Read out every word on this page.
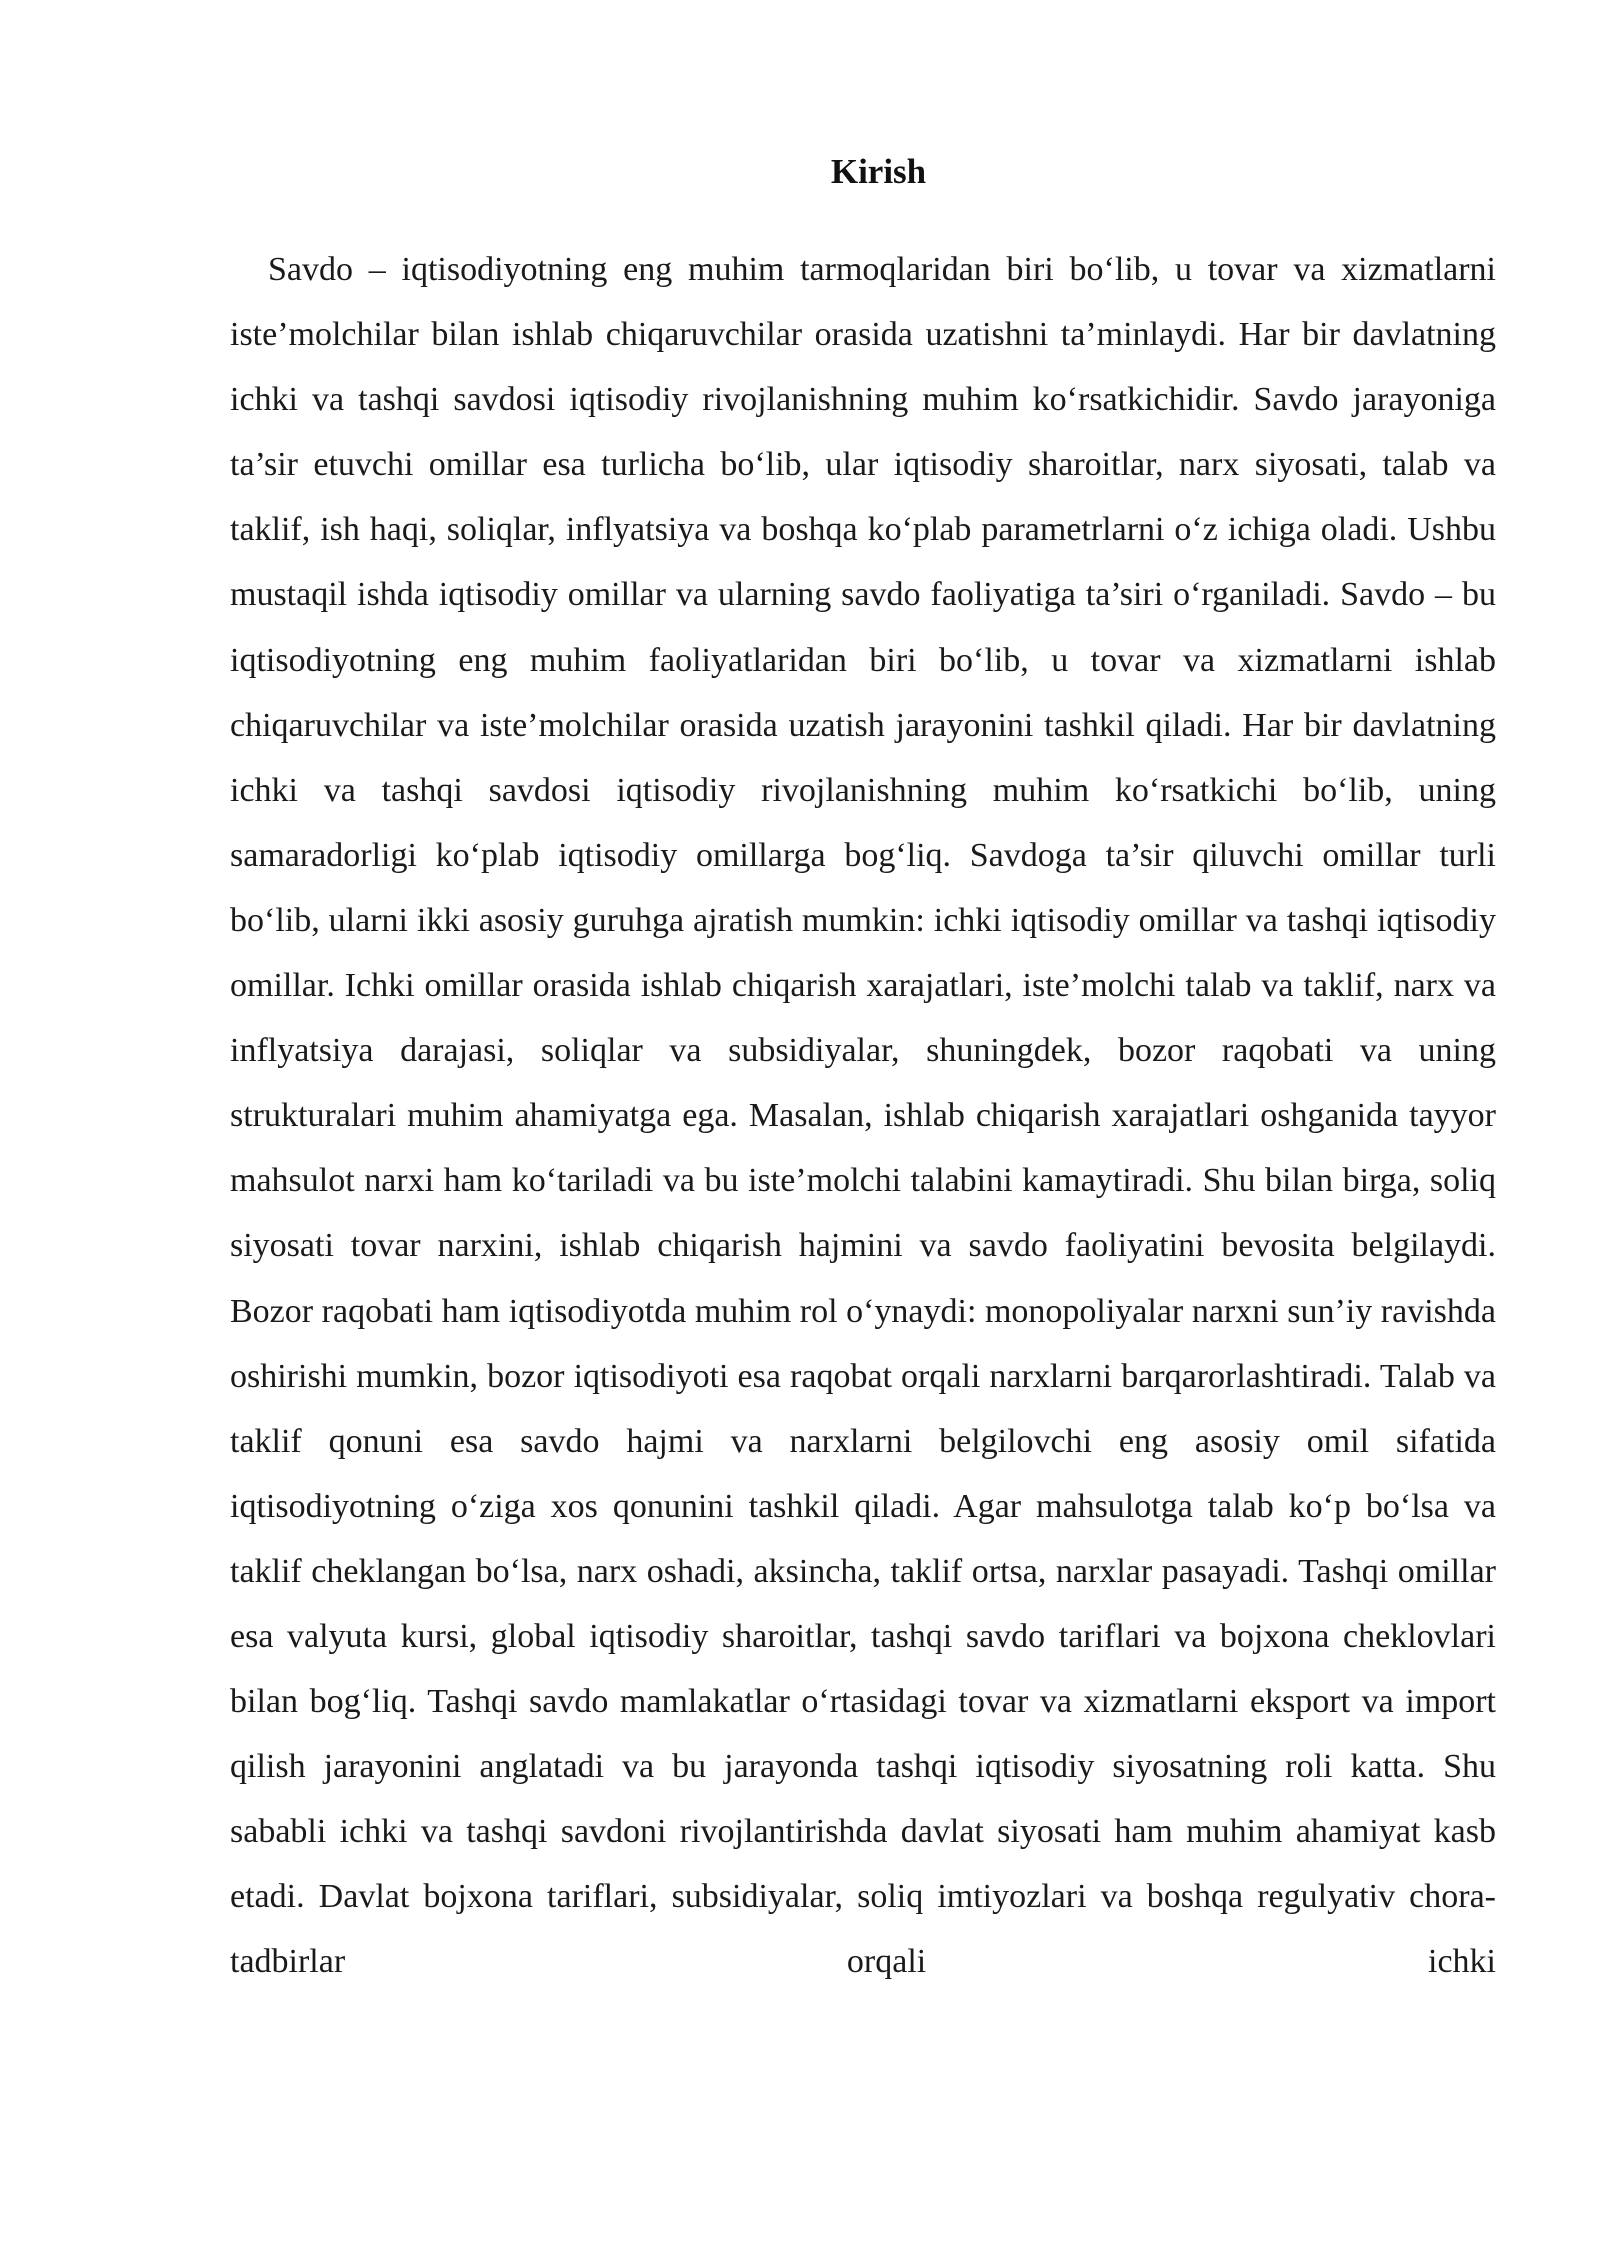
Kirish

Savdo – iqtisodiyotning eng muhim tarmoqlaridan biri bo‘lib, u tovar va xizmatlarni iste’molchilar bilan ishlab chiqaruvchilar orasida uzatishni ta’minlaydi. Har bir davlatning ichki va tashqi savdosi iqtisodiy rivojlanishning muhim ko‘rsatkichidir. Savdo jarayoniga ta’sir etuvchi omillar esa turlicha bo‘lib, ular iqtisodiy sharoitlar, narx siyosati, talab va taklif, ish haqi, soliqlar, inflyatsiya va boshqa ko‘plab parametrlarni o‘z ichiga oladi. Ushbu mustaqil ishda iqtisodiy omillar va ularning savdo faoliyatiga ta’siri o‘rganiladi. Savdo – bu iqtisodiyotning eng muhim faoliyatlaridan biri bo‘lib, u tovar va xizmatlarni ishlab chiqaruvchilar va iste’molchilar orasida uzatish jarayonini tashkil qiladi. Har bir davlatning ichki va tashqi savdosi iqtisodiy rivojlanishning muhim ko‘rsatkichi bo‘lib, uning samaradorligi ko‘plab iqtisodiy omillarga bog‘liq. Savdoga ta’sir qiluvchi omillar turli bo‘lib, ularni ikki asosiy guruhga ajratish mumkin: ichki iqtisodiy omillar va tashqi iqtisodiy omillar. Ichki omillar orasida ishlab chiqarish xarajatlari, iste’molchi talab va taklif, narx va inflyatsiya darajasi, soliqlar va subsidiyalar, shuningdek, bozor raqobati va uning strukturalari muhim ahamiyatga ega. Masalan, ishlab chiqarish xarajatlari oshganida tayyor mahsulot narxi ham ko‘tariladi va bu iste’molchi talabini kamaytiradi. Shu bilan birga, soliq siyosati tovar narxini, ishlab chiqarish hajmini va savdo faoliyatini bevosita belgilaydi. Bozor raqobati ham iqtisodiyotda muhim rol o‘ynaydi: monopoliyalar narxni sun’iy ravishda oshirishi mumkin, bozor iqtisodiyoti esa raqobat orqali narxlarni barqarorlashtiradi. Talab va taklif qonuni esa savdo hajmi va narxlarni belgilovchi eng asosiy omil sifatida iqtisodiyotning o‘ziga xos qonunini tashkil qiladi. Agar mahsulotga talab ko‘p bo‘lsa va taklif cheklangan bo‘lsa, narx oshadi, aksincha, taklif ortsa, narxlar pasayadi. Tashqi omillar esa valyuta kursi, global iqtisodiy sharoitlar, tashqi savdo tariflari va bojxona cheklovlari bilan bog‘liq. Tashqi savdo mamlakatlar o‘rtasidagi tovar va xizmatlarni eksport va import qilish jarayonini anglatadi va bu jarayonda tashqi iqtisodiy siyosatning roli katta. Shu sababli ichki va tashqi savdoni rivojlantirishda davlat siyosati ham muhim ahamiyat kasb etadi. Davlat bojxona tariflari, subsidiyalar, soliq imtiyozlari va boshqa regulyativ chora-tadbirlar orqali ichki
